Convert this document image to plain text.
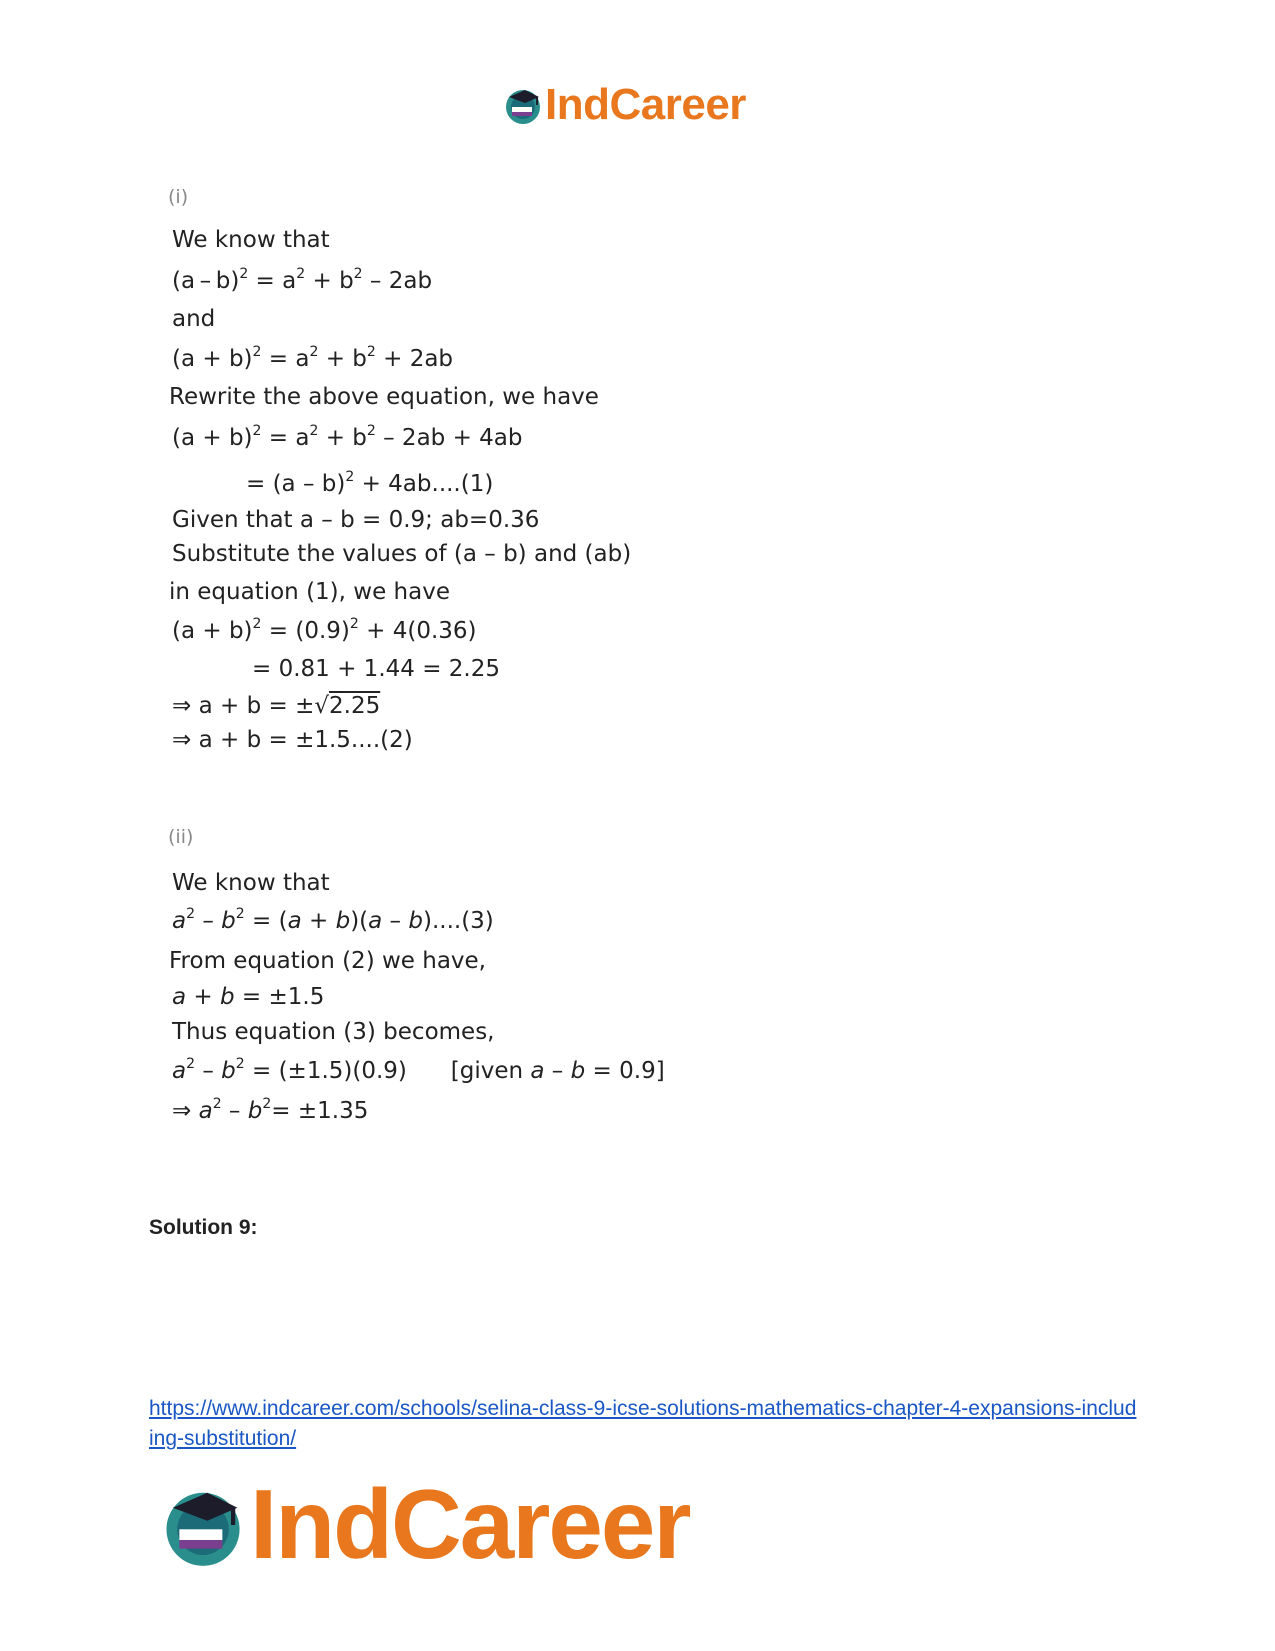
IndCareer
(i)
We know that
$(a - b)^2 = a^2 + b^2 - 2ab$
and
$(a + b)^2 = a^2 + b^2 + 2ab$
Rewrite the above equation, we have
$(a + b)^2 = a^2 + b^2 - 2ab + 4ab$
= (a – b)$^2$ + 4ab....(1)
Given that a – b = 0.9; ab=0.36
Substitute the values of (a – b) and (ab)
in equation (1), we have
$(a + b)^2 = (0.9)^2 + 4(0.36)$
= 0.81 + 1.44 = 2.25
⇒ a + b = ±√2.25
⇒ a + b = ±1.5....(2)
(ii)
We know that
$a^2 - b^2 = (a + b)(a - b)....(3)$
From equation (2) we have,
a + b = ±1.5
Thus equation (3) becomes,
$a^2 - b^2 = (\pm 1.5)(0.9)$      [given a – b = 0.9]
⇒ $a^2 - b^2= \pm 1.35$
Solution 9:
https://www.indcareer.com/schools/selina-class-9-icse-solutions-mathematics-chapter-4-expansions-including-substitution/
IndCareer
